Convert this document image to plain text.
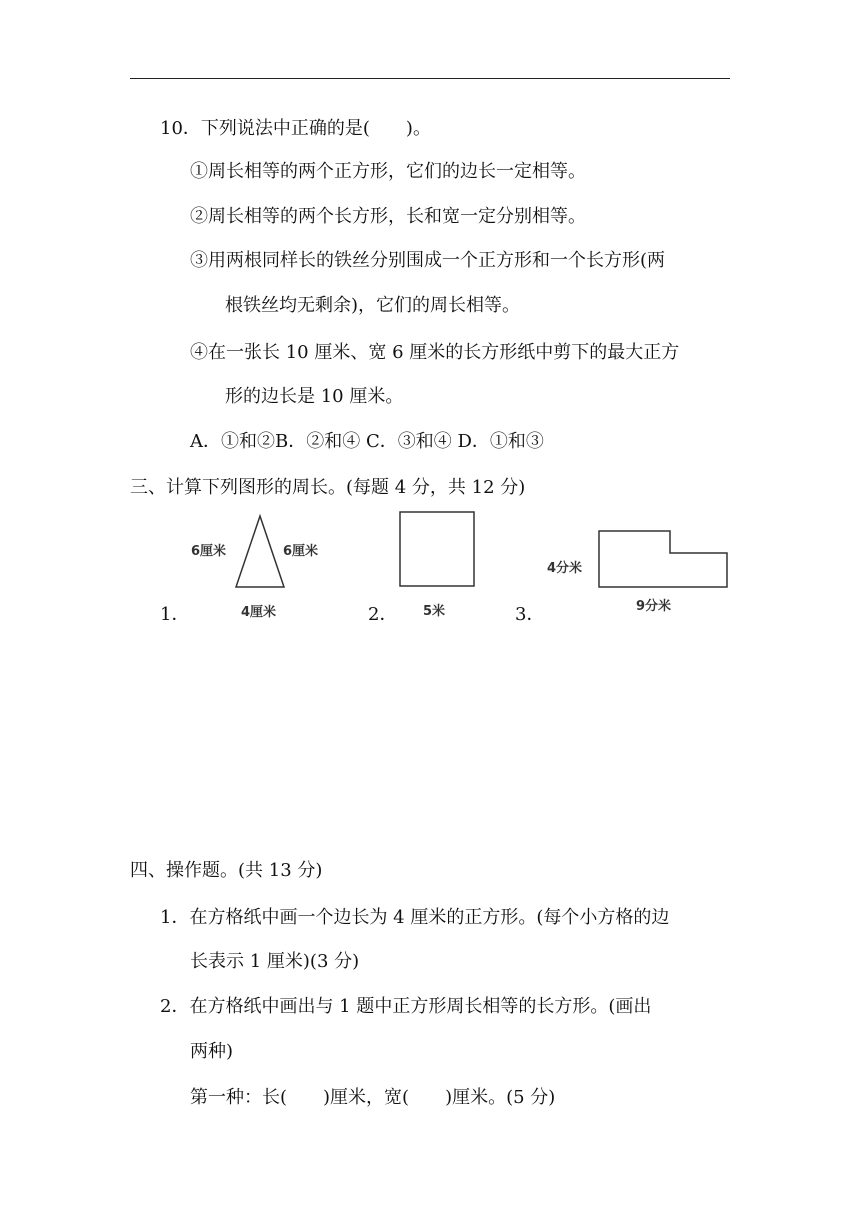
10．下列说法中正确的是(　　)。
①周长相等的两个正方形，它们的边长一定相等。
②周长相等的两个长方形，长和宽一定分别相等。
③用两根同样长的铁丝分别围成一个正方形和一个长方形(两
根铁丝均无剩余)，它们的周长相等。
④在一张长 10 厘米、宽 6 厘米的长方形纸中剪下的最大正方
形的边长是 10 厘米。
A．①和②B．②和④ C．③和④ D．①和③
三、计算下列图形的周长。(每题 4 分，共 12 分)
1．
6厘米	6厘米
4厘米	2． 5米	3．
4分米
9分米
四、操作题。(共 13 分)
1．在方格纸中画一个边长为 4 厘米的正方形。(每个小方格的边
长表示 1 厘米)(3 分)
2．在方格纸中画出与 1 题中正方形周长相等的长方形。(画出
两种)
第一种：长(　　)厘米，宽(　　)厘米。(5 分)
